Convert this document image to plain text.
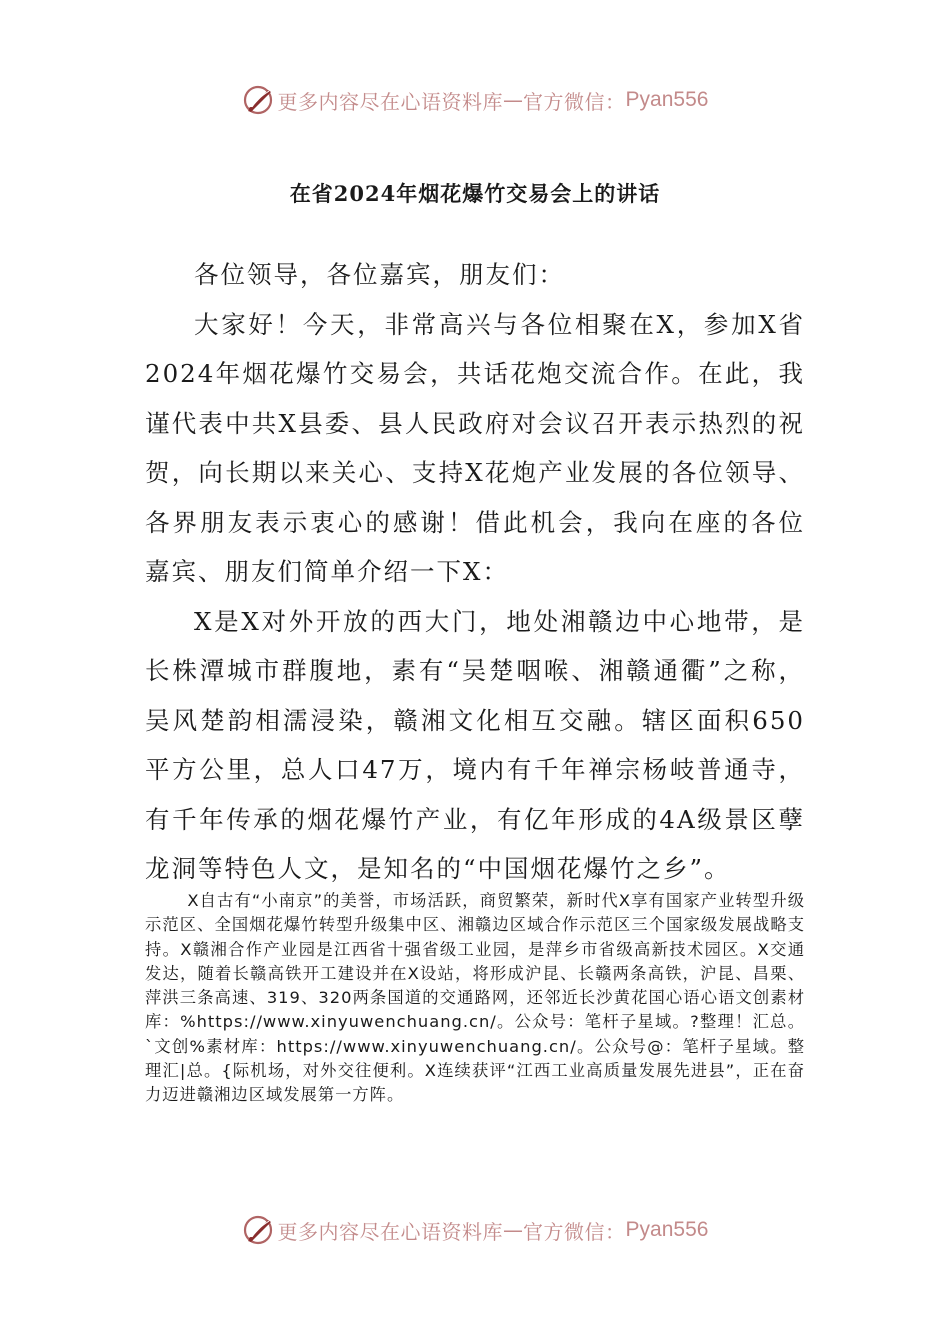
更多内容尽在心语资料库 — 官方微信： Pyan556
在省2024年烟花爆竹交易会上的讲话

各位领导，各位嘉宾，朋友们：

大家好！今天，非常高兴与各位相聚在X，参加X省2024年烟花爆竹交易会，共话花炮交流合作。在此，我谨代表中共X县委、县人民政府对会议召开表示热烈的祝贺，向长期以来关心、支持X花炮产业发展的各位领导、各界朋友表示衷心的感谢！借此机会，我向在座的各位嘉宾、朋友们简单介绍一下X：

X是X对外开放的西大门，地处湘赣边中心地带，是长株潭城市群腹地，素有“吴楚咽喉、湘赣通衢”之称，吴风楚韵相濡浸染，赣湘文化相互交融。辖区面积650平方公里，总人口47万，境内有千年禅宗杨岐普通寺，有千年传承的烟花爆竹产业，有亿年形成的4A级景区孽龙洞等特色人文，是知名的“中国烟花爆竹之乡”。

X自古有“小南京”的美誉，市场活跃，商贸繁荣，新时代X享有国家产业转型升级示范区、全国烟花爆竹转型升级集中区、湘赣边区域合作示范区三个国家级发展战略支持。X赣湘合作产业园是江西省十强省级工业园，是萍乡市省级高新技术园区。X交通发达，随着长赣高铁开工建设并在X设站，将形成沪昆、长赣两条高铁，沪昆、昌栗、萍洪三条高速、319、320两条国道的交通路网，还邻近长沙黄花国心语心语文创素材库：%https://www.xinyuwenchuang.cn/。公众号：笔杆子星域。?整理！汇总。`文创%素材库：https://www.xinyuwenchuang.cn/。公众号@：笔杆子星域。整理汇|总。{际机场，对外交往便利。X连续获评“江西工业高质量发展先进县”，正在奋力迈进赣湘边区域发展第一方阵。
更多内容尽在心语资料库 — 官方微信： Pyan556
